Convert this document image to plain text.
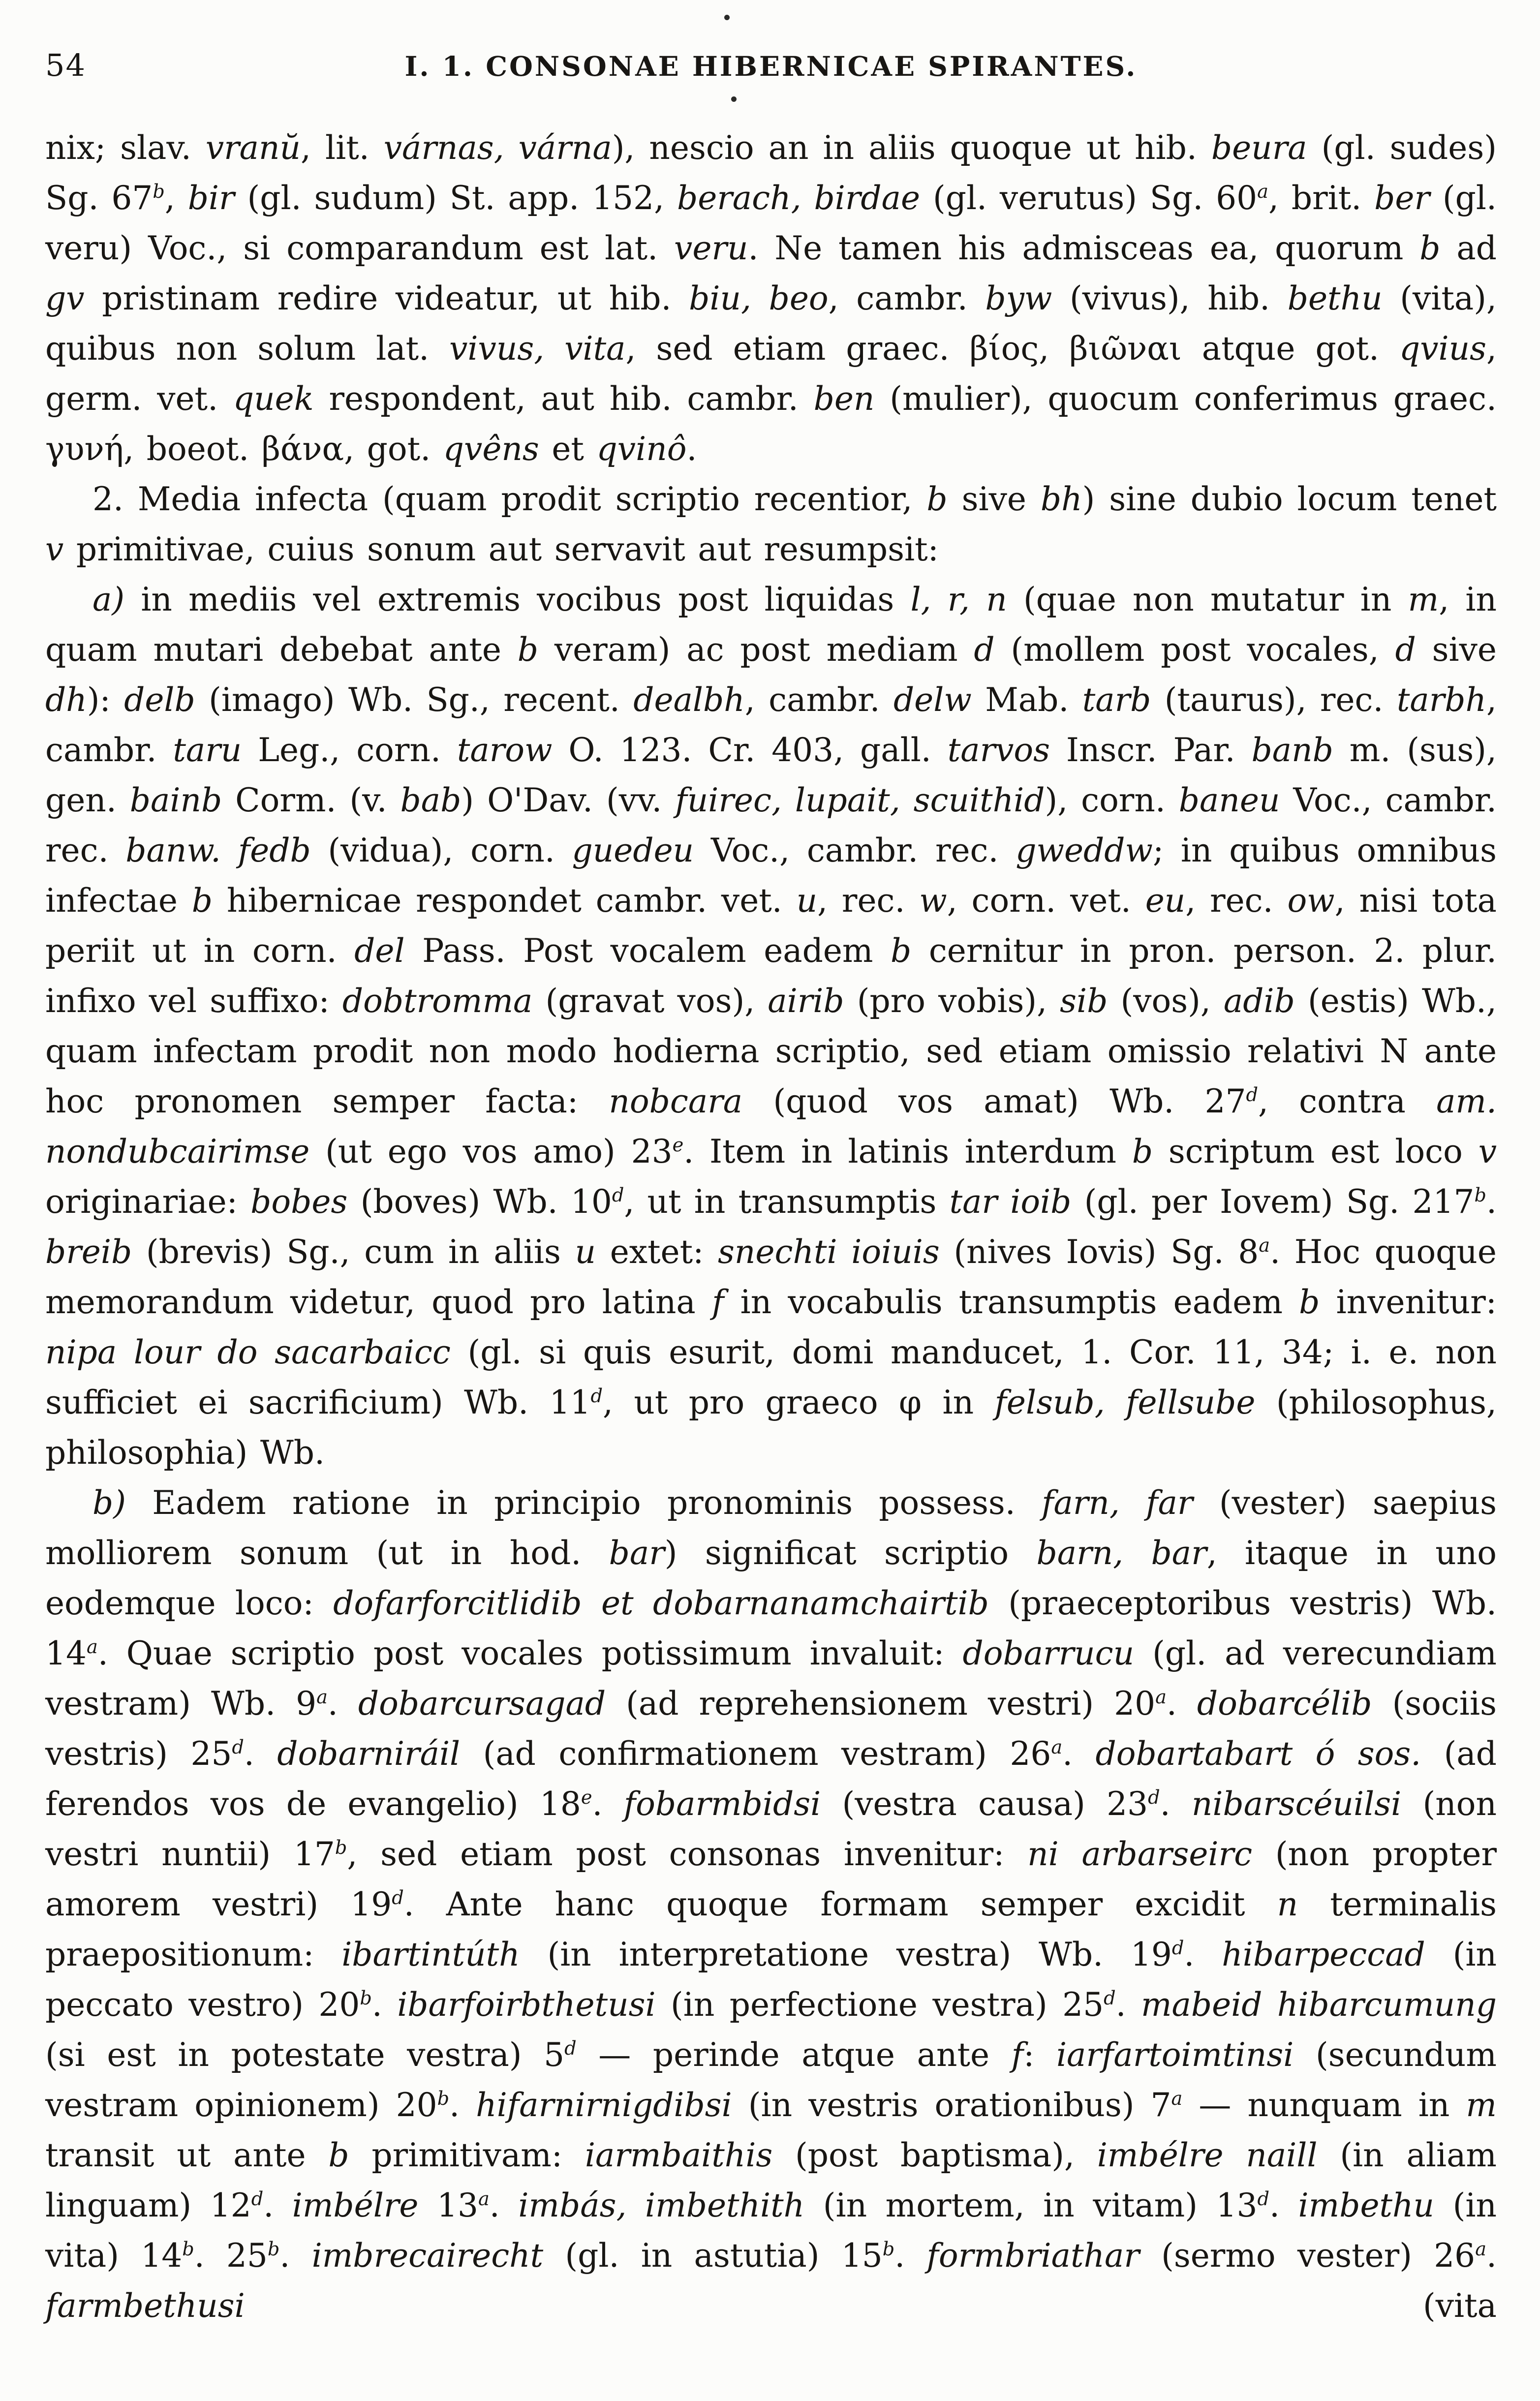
54	I. 1. CONSONAE HIBERNICAE SPIRANTES.

nix; slav. vranŭ, lit. várnas, várna), nescio an in aliis quoque ut hib. beura (gl. sudes) Sg. 67$^b$, bir (gl. sudum) St. app. 152, berach, birdae (gl. verutus) Sg. 60$^a$, brit. ber (gl. veru) Voc., si comparandum est lat. veru. Ne tamen his admisceas ea, quorum b ad gv pristinam redire videatur, ut hib. biu, beo, cambr. byw (vivus), hib. bethu (vita), quibus non solum lat. vivus, vita, sed etiam graec. βίος, βιῶναι atque got. qvius, germ. vet. quek respondent, aut hib. cambr. ben (mulier), quocum conferimus graec. γυνή, boeot. βάνα, got. qvêns et qvinô.

2. Media infecta (quam prodit scriptio recentior, b sive bh) sine dubio locum tenet v primitivae, cuius sonum aut servavit aut resumpsit:

a) in mediis vel extremis vocibus post liquidas l, r, n (quae non mutatur in m, in quam mutari debebat ante b veram) ac post mediam d (mollem post vocales, d sive dh): delb (imago) Wb. Sg., recent. dealbh, cambr. delw Mab. tarb (taurus), rec. tarbh, cambr. taru Leg., corn. tarow O. 123. Cr. 403, gall. tarvos Inscr. Par. banb m. (sus), gen. bainb Corm. (v. bab) O'Dav. (vv. fuirec, lupait, scuithid), corn. baneu Voc., cambr. rec. banw. fedb (vidua), corn. guedeu Voc., cambr. rec. gweddw; in quibus omnibus infectae b hibernicae respondet cambr. vet. u, rec. w, corn. vet. eu, rec. ow, nisi tota periit ut in corn. del Pass. Post vocalem eadem b cernitur in pron. person. 2. plur. infixo vel suffixo: dobtromma (gravat vos), airib (pro vobis), sib (vos), adib (estis) Wb., quam infectam prodit non modo hodierna scriptio, sed etiam omissio relativi N ante hoc pronomen semper facta: nobcara (quod vos amat) Wb. 27$^d$, contra am. nondubcairimse (ut ego vos amo) 23e. Item in latinis interdum b scriptum est loco v originariae: bobes (boves) Wb. 10$^d$, ut in transumptis tar ioib (gl. per Iovem) Sg. 217$^b$. breib (brevis) Sg., cum in aliis u extet: snechti ioiuis (nives Iovis) Sg. 8$^a$. Hoc quoque memorandum videtur, quod pro latina f in vocabulis transumptis eadem b invenitur: nipa lour do sacarbaicc (gl. si quis esurit, domi manducet, 1. Cor. 11, 34; i. e. non sufficiet ei sacrificium) Wb. 11$^d$, ut pro graeco φ in felsub, fellsube (philosophus, philosophia) Wb.

b) Eadem ratione in principio pronominis possess. farn, far (vester) saepius molliorem sonum (ut in hod. bar) significat scriptio barn, bar, itaque in uno eodemque loco: dofarforcitlidib et dobarnanamchairtib (praeceptoribus vestris) Wb. 14$^a$. Quae scriptio post vocales potissimum invaluit: dobarrucu (gl. ad verecundiam vestram) Wb. 9$^a$. dobarcursagad (ad reprehensionem vestri) 20$^a$. dobarcélib (sociis vestris) 25$^d$. dobarniráil (ad confirmationem vestram) 26$^a$. dobartabart ó sos. (ad ferendos vos de evangelio) 18e. fobarmbidsi (vestra causa) 23$^d$. nibarscéuilsi (non vestri nuntii) 17$^b$, sed etiam post consonas invenitur: ni arbarseirc (non propter amorem vestri) 19$^d$. Ante hanc quoque formam semper excidit n terminalis praepositionum: ibartintúth (in interpretatione vestra) Wb. 19$^d$. hibarpeccad (in peccato vestro) 20$^b$. ibarfoirbthetusi (in perfectione vestra) 25$^d$. mabeid hibarcumung (si est in potestate vestra) 5$^d$ — perinde atque ante f: iarfartoimtinsi (secundum vestram opinionem) 20$^b$. hifarnirnigdibsi (in vestris orationibus) 7$^a$ — nunquam in m transit ut ante b primitivam: iarmbaithis (post baptisma), imbélre naill (in aliam linguam) 12$^d$. imbélre 13$^a$. imbás, imbethith (in mortem, in vitam) 13$^d$. imbethu (in vita) 14$^b$. 25$^b$. imbrecairecht (gl. in astutia) 15$^b$. formbriathar (sermo vester) 26$^a$. farmbethusi (vita
